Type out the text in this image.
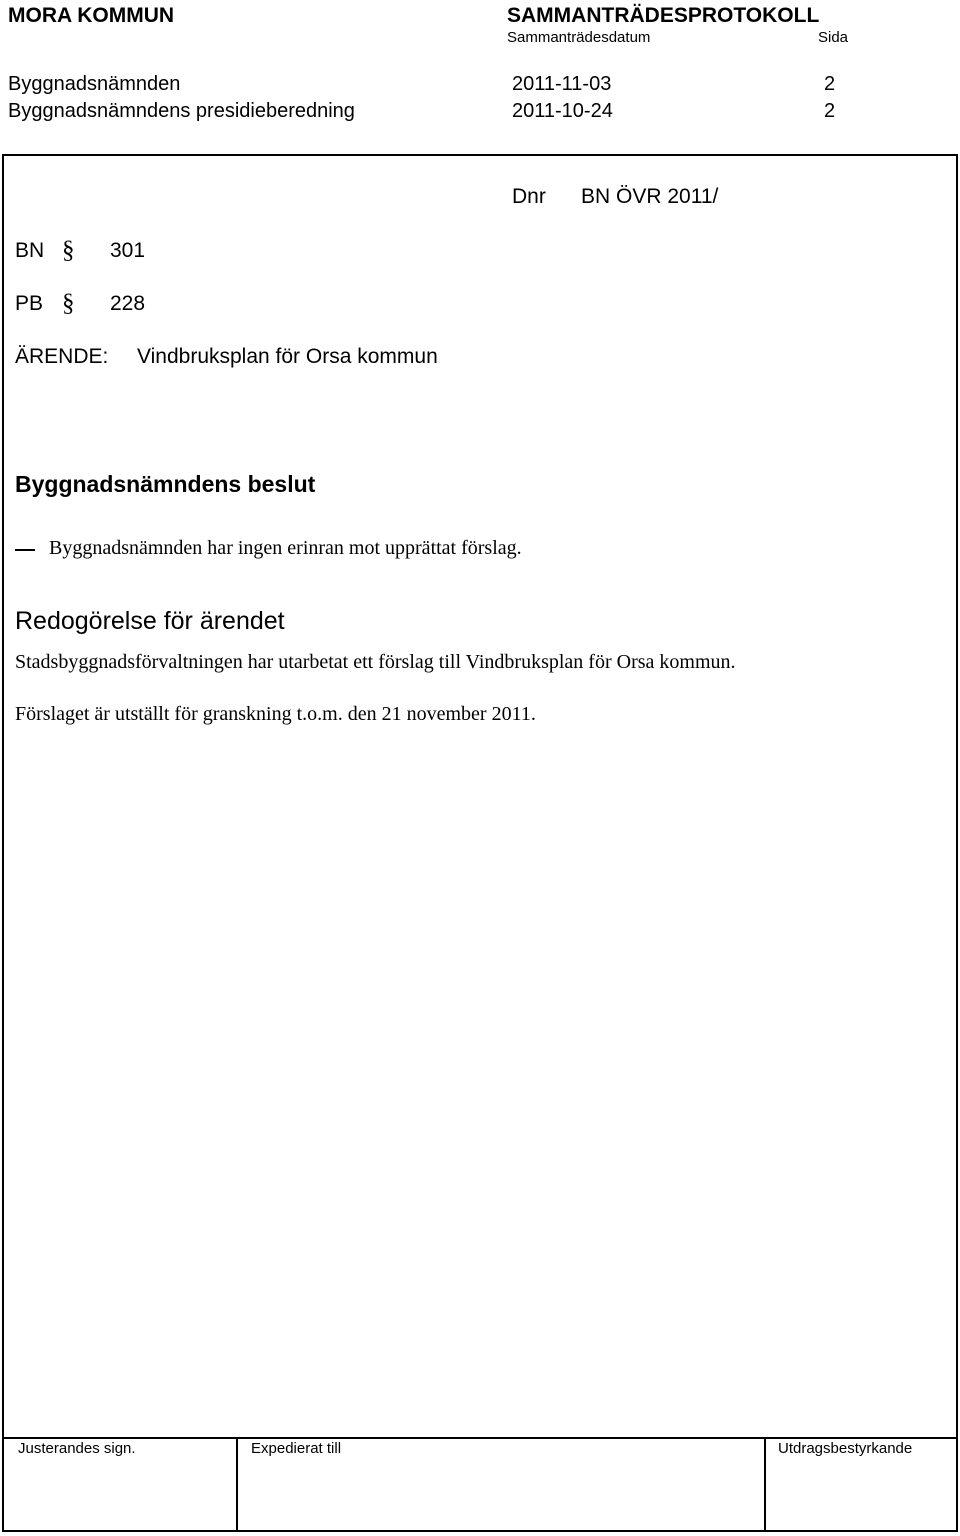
MORA KOMMUN	SAMMANTRÄDESPROTOKOLL
Sammanträdesdatum	Sida
Byggnadsnämnden	2011-11-03	2
Byggnadsnämndens presidieberedning	2011-10-24	2
Dnr BN ÖVR 2011/
BN § 301
PB § 228
ÄRENDE: Vindbruksplan för Orsa kommun
Byggnadsnämndens beslut
Byggnadsnämnden har ingen erinran mot upprättat förslag.
Redogörelse för ärendet
Stadsbyggnadsförvaltningen har utarbetat ett förslag till Vindbruksplan för Orsa kommun.
Förslaget är utställt för granskning t.o.m. den 21 november 2011.
Justerandes sign.	Expedierat till	Utdragsbestyrkande
